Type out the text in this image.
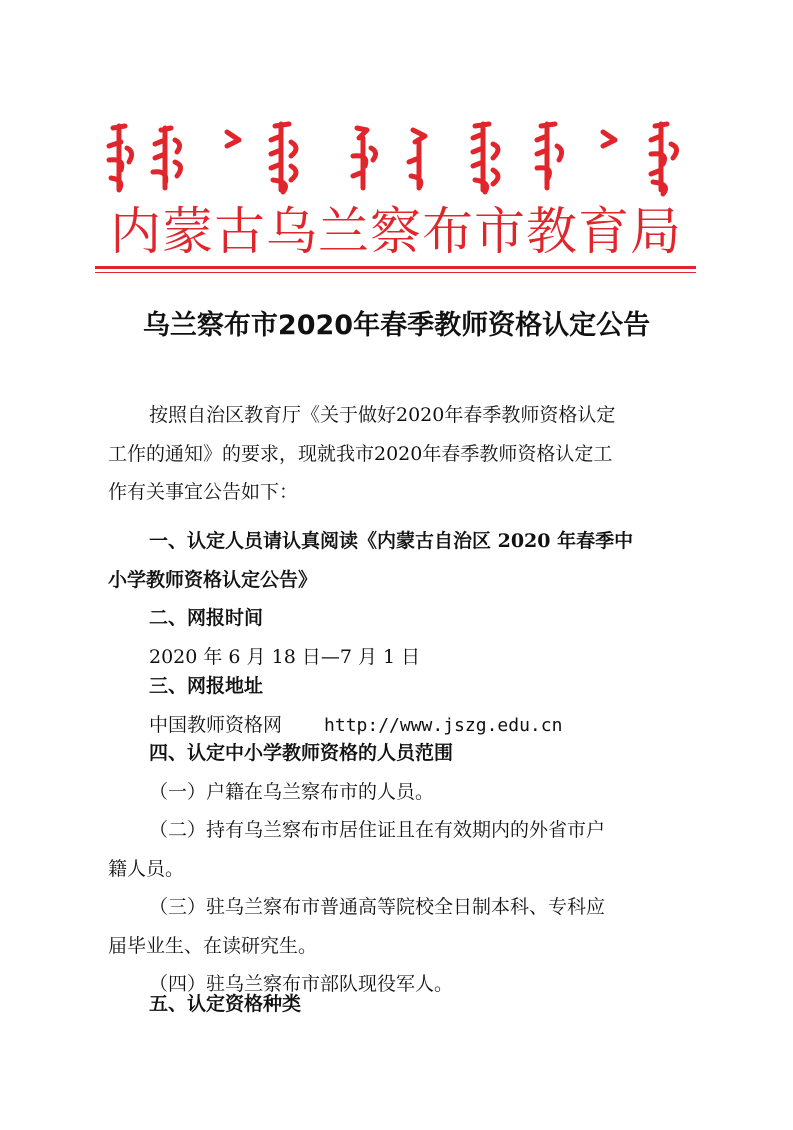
内蒙古乌兰察布市教育局
乌兰察布市2020年春季教师资格认定公告
按照自治区教育厅《关于做好2020年春季教师资格认定
工作的通知》的要求，现就我市2020年春季教师资格认定工
作有关事宜公告如下：
一、认定人员请认真阅读《内蒙古自治区 2020 年春季中
小学教师资格认定公告》
二、网报时间
2020 年 6 月 18 日—7 月 1 日
三、网报地址
中国教师资格网 http://www.jszg.edu.cn
四、认定中小学教师资格的人员范围
（一）户籍在乌兰察布市的人员。
（二）持有乌兰察布市居住证且在有效期内的外省市户
籍人员。
（三）驻乌兰察布市普通高等院校全日制本科、专科应
届毕业生、在读研究生。
（四）驻乌兰察布市部队现役军人。
五、认定资格种类
